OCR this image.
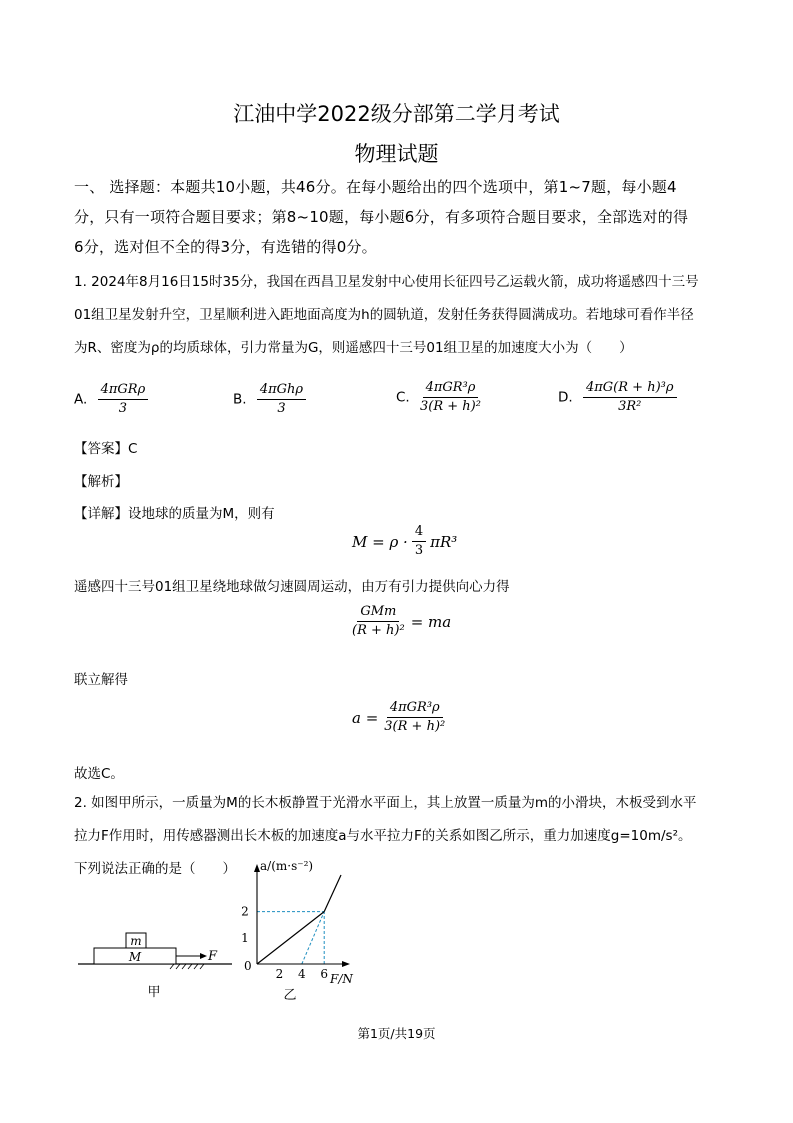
江油中学2022级分部第二学月考试
物理试题
一、 选择题：本题共10小题，共46分。在每小题给出的四个选项中，第1~7题，每小题4
分，只有一项符合题目要求；第8~10题，每小题6分，有多项符合题目要求，全部选对的得
6分，选对但不全的得3分，有选错的得0分。
1. 2024年8月16日15时35分，我国在西昌卫星发射中心使用长征四号乙运载火箭，成功将遥感四十三号
01组卫星发射升空，卫星顺利进入距地面高度为h的圆轨道，发射任务获得圆满成功。若地球可看作半径
为R、密度为ρ的均质球体，引力常量为G，则遥感四十三号01组卫星的加速度大小为（　　）
A. $\frac{\text{4πGRρ}}{3}$	B. $\frac{\text{4πGhρ}}{3}$	C. $\frac{\text{4πGR³ρ}}{\text{3(R + h)²}}$	D. $\frac{\text{4πG(R + h)³ρ}}{\text{3R²}}$
【答案】C
【解析】
【详解】设地球的质量为M，则有
$M = \rho \cdot \frac{4}{3} \pi R^3$
遥感四十三号01组卫星绕地球做匀速圆周运动，由万有引力提供向心力得
$\frac{\text{GMm}}{\text{(R + h)²}}$ = ma
联立解得
$a = \frac{\text{4πGR³ρ}}{\text{3(R + h)²}}$
故选C。
2. 如图甲所示，一质量为M的长木板静置于光滑水平面上，其上放置一质量为m的小滑块，木板受到水平
拉力F作用时，用传感器测出长木板的加速度a与水平拉力F的关系如图乙所示，重力加速度g=10m/s²。
下列说法正确的是（　　）
m
M	F
甲
2 4 6
1
2
a/(m·s⁻²)
F/N
0
乙
第1页/共19页
